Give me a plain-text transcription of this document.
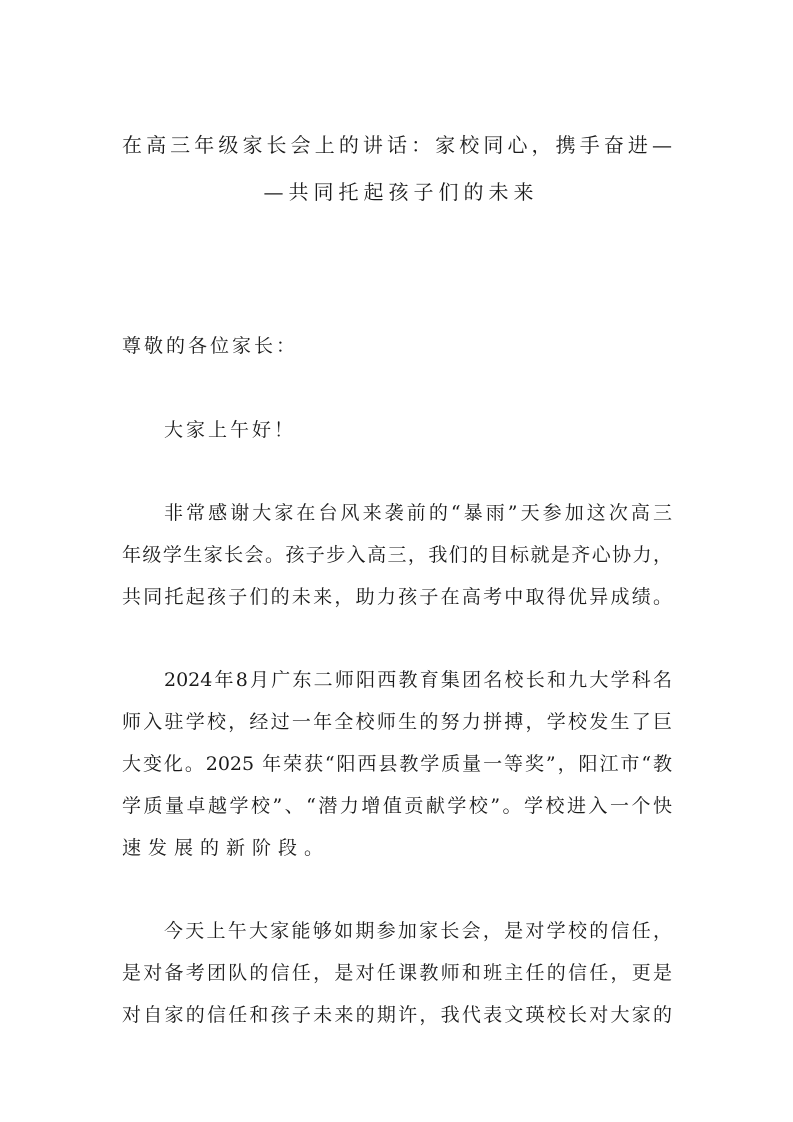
在高三年级家长会上的讲话：家校同心，携手奋进—
—共同托起孩子们的未来

尊敬的各位家长：

大家上午好！

非常感谢大家在台风来袭前的“暴雨”天参加这次高三
年级学生家长会。孩子步入高三，我们的目标就是齐心协力，
共同托起孩子们的未来，助力孩子在高考中取得优异成绩。

2024年8月广东二师阳西教育集团名校长和九大学科名
师入驻学校，经过一年全校师生的努力拼搏，学校发生了巨
大变化。2025 年荣获“阳西县教学质量一等奖”，阳江市“教
学质量卓越学校”、“潜力增值贡献学校”。学校进入一个快
速发展的新阶段。

今天上午大家能够如期参加家长会，是对学校的信任，
是对备考团队的信任，是对任课教师和班主任的信任，更是
对自家的信任和孩子未来的期许，我代表文瑛校长对大家的
